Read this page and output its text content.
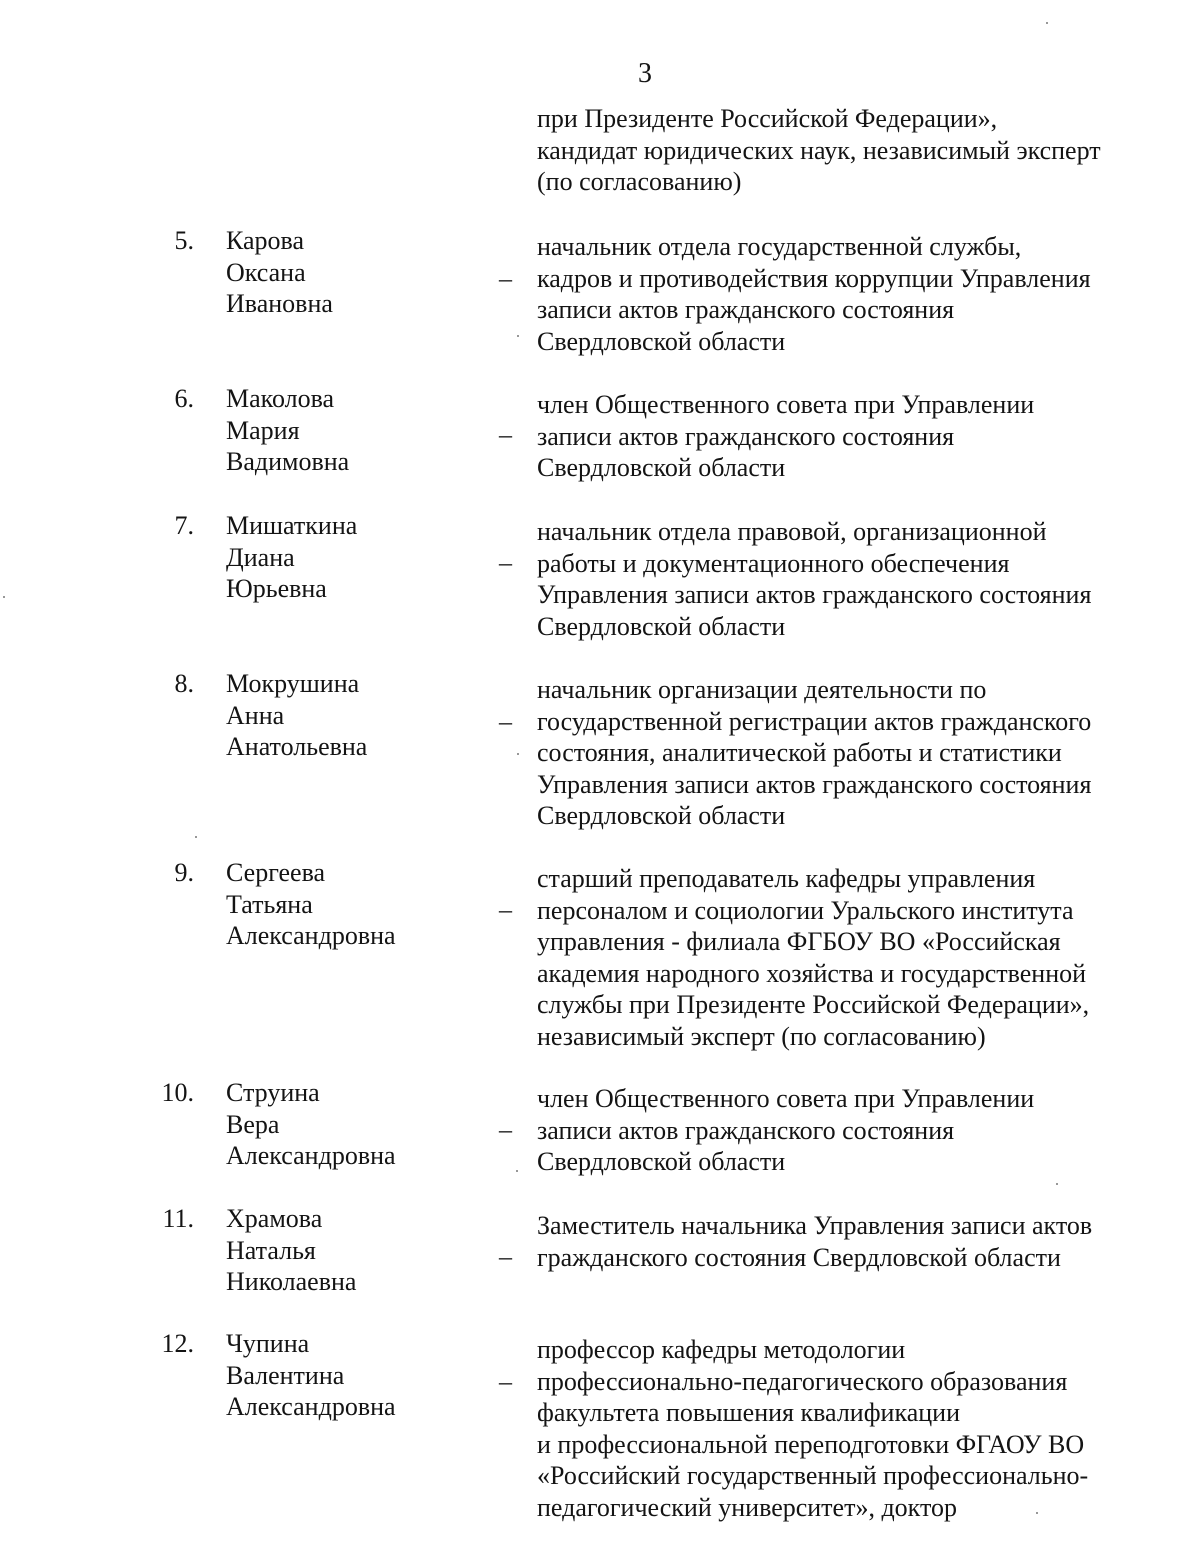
3
при Президенте Российской Федерации»,
кандидат юридических наук, независимый эксперт
(по согласованию)
5. Карова
Оксана
Ивановна
–
начальник отдела государственной службы,
кадров и противодействия коррупции Управления
записи актов гражданского состояния
Свердловской области
6. Маколова
Мария
Вадимовна
–
член Общественного совета при Управлении
записи актов гражданского состояния
Свердловской области
7. Мишаткина
Диана
Юрьевна
–
начальник отдела правовой, организационной
работы и документационного обеспечения
Управления записи актов гражданского состояния
Свердловской области
8. Мокрушина
Анна
Анатольевна
–
начальник организации деятельности по
государственной регистрации актов гражданского
состояния, аналитической работы и статистики
Управления записи актов гражданского состояния
Свердловской области
9. Сергеева
Татьяна
Александровна
–
старший преподаватель кафедры управления
персоналом и социологии Уральского института
управления - филиала ФГБОУ ВО «Российская
академия народного хозяйства и государственной
службы при Президенте Российской Федерации»,
независимый эксперт (по согласованию)
10. Струина
Вера
Александровна
–
член Общественного совета при Управлении
записи актов гражданского состояния
Свердловской области
11. Храмова
Наталья
Николаевна
–
Заместитель начальника Управления записи актов
гражданского состояния Свердловской области
12. Чупина
Валентина
Александровна
–
профессор кафедры методологии
профессионально-педагогического образования
факультета повышения квалификации
и профессиональной переподготовки ФГАОУ ВО
«Российский государственный профессионально-
педагогический университет», доктор
